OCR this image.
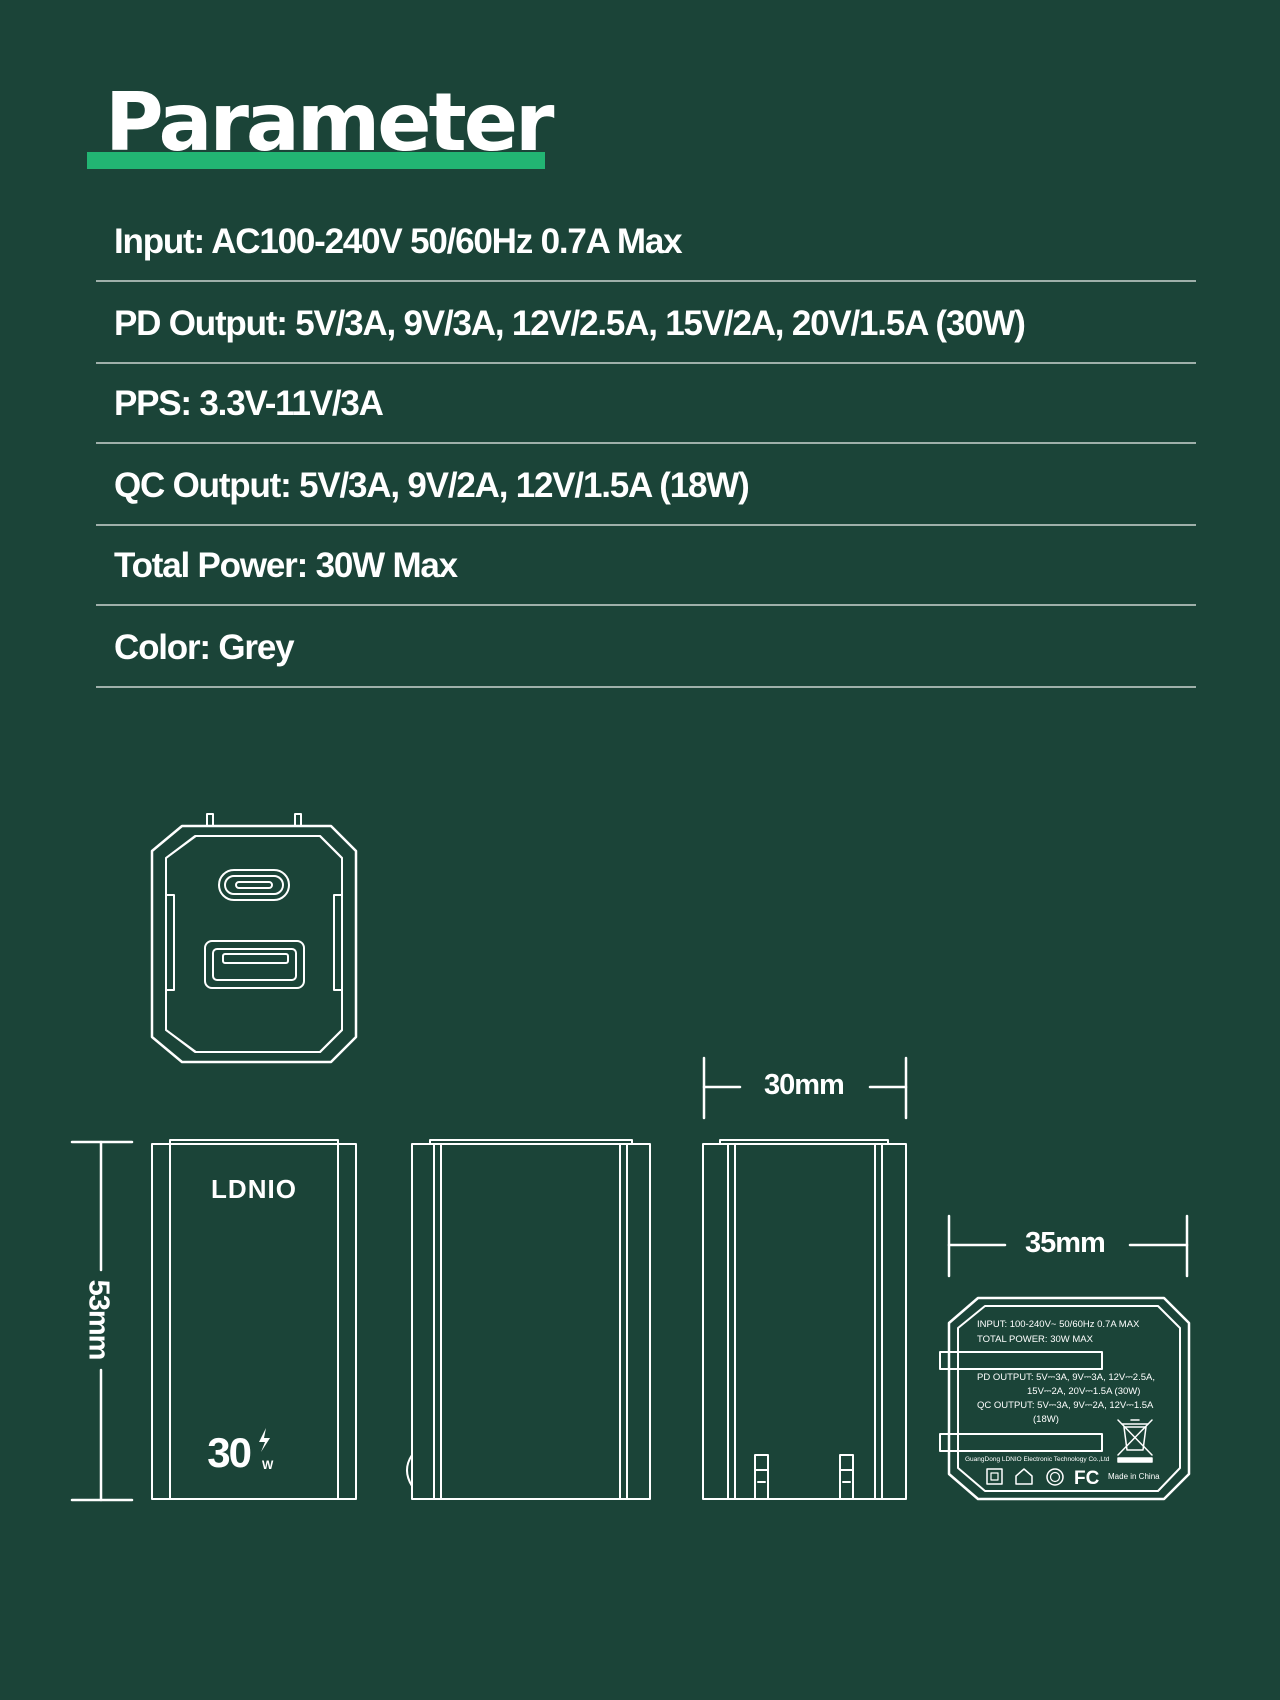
Parameter
Input: AC100-240V 50/60Hz 0.7A Max
PD Output: 5V/3A, 9V/3A, 12V/2.5A, 15V/2A, 20V/1.5A (30W)
PPS: 3.3V-11V/3A
QC Output: 5V/3A, 9V/2A, 12V/1.5A (18W)
Total Power: 30W Max
Color: Grey
LDNIO
30 W
INPUT: 100-240V~ 50/60Hz 0.7A MAX
TOTAL POWER: 30W MAX
PD OUTPUT: 5V⎓3A, 9V⎓3A, 12V⎓2.5A,
15V⎓2A, 20V⎓1.5A (30W)
QC OUTPUT: 5V⎓3A, 9V⎓2A, 12V⎓1.5A
(18W)
GuangDong LDNIO Electronic Technology Co.,Ltd
FC Made in China
53mm
30mm
35mm
